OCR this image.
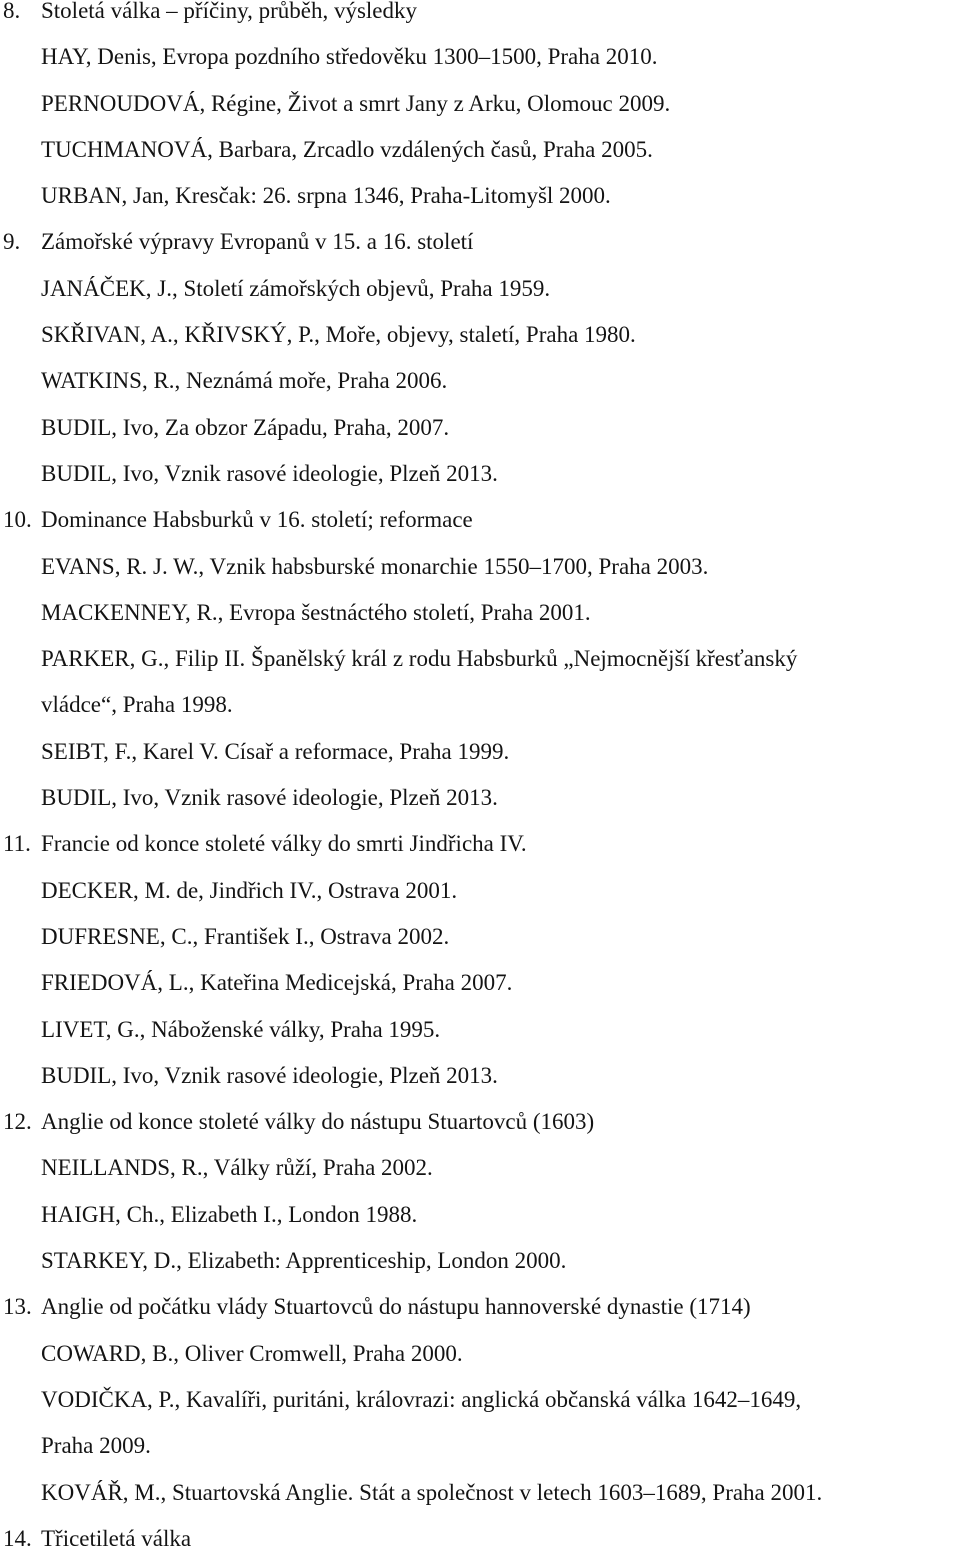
8. Stoletá válka – příčiny, průběh, výsledky
HAY, Denis, Evropa pozdního středověku 1300–1500, Praha 2010.
PERNOUDOVÁ, Régine, Život a smrt Jany z Arku, Olomouc 2009.
TUCHMANOVÁ, Barbara, Zrcadlo vzdálených časů, Praha 2005.
URBAN, Jan, Kresčak: 26. srpna 1346, Praha-Litomyšl 2000.
9. Zámořské výpravy Evropanů v 15. a 16. století
JANÁČEK, J., Století zámořských objevů, Praha 1959.
SKŘIVAN, A., KŘIVSKÝ, P., Moře, objevy, staletí, Praha 1980.
WATKINS, R., Neznámá moře, Praha 2006.
BUDIL, Ivo, Za obzor Západu, Praha, 2007.
BUDIL, Ivo, Vznik rasové ideologie, Plzeň 2013.
10. Dominance Habsburků v 16. století; reformace
EVANS, R. J. W., Vznik habsburské monarchie 1550–1700, Praha 2003.
MACKENNEY, R., Evropa šestnáctého století, Praha 2001.
PARKER, G., Filip II. Španělský král z rodu Habsburků „Nejmocnější křesťanský
vládce“, Praha 1998.
SEIBT, F., Karel V. Císař a reformace, Praha 1999.
BUDIL, Ivo, Vznik rasové ideologie, Plzeň 2013.
11. Francie od konce stoleté války do smrti Jindřicha IV.
DECKER, M. de, Jindřich IV., Ostrava 2001.
DUFRESNE, C., František I., Ostrava 2002.
FRIEDOVÁ, L., Kateřina Medicejská, Praha 2007.
LIVET, G., Náboženské války, Praha 1995.
BUDIL, Ivo, Vznik rasové ideologie, Plzeň 2013.
12. Anglie od konce stoleté války do nástupu Stuartovců (1603)
NEILLANDS, R., Války růží, Praha 2002.
HAIGH, Ch., Elizabeth I., London 1988.
STARKEY, D., Elizabeth: Apprenticeship, London 2000.
13. Anglie od počátku vlády Stuartovců do nástupu hannoverské dynastie (1714)
COWARD, B., Oliver Cromwell, Praha 2000.
VODIČKA, P., Kavalíři, puritáni, královrazi: anglická občanská válka 1642–1649,
Praha 2009.
KOVÁŘ, M., Stuartovská Anglie. Stát a společnost v letech 1603–1689, Praha 2001.
14. Třicetiletá válka
